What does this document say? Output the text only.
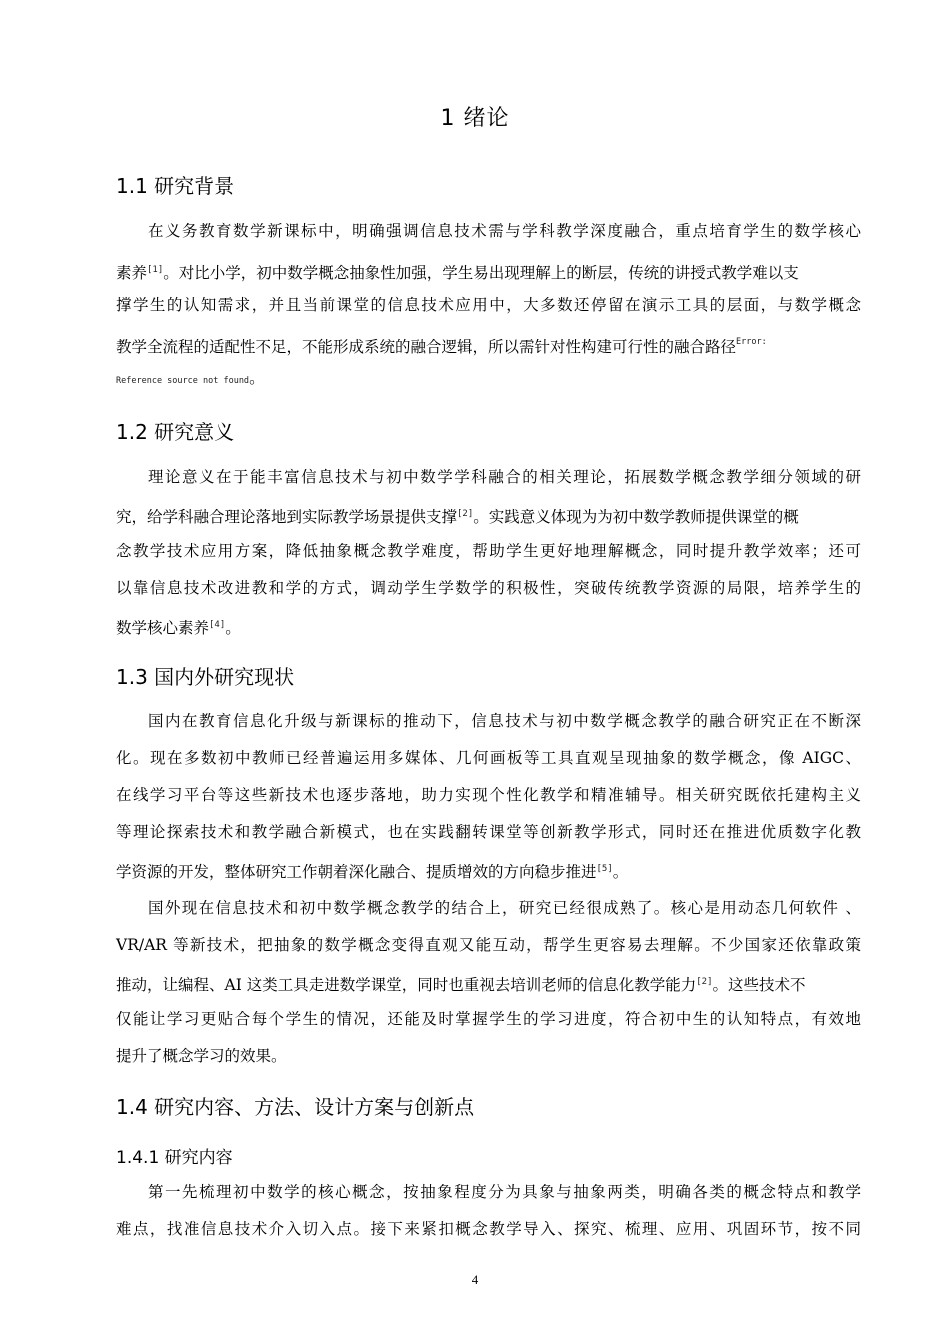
1 绪论
1.1 研究背景
在义务教育数学新课标中，明确强调信息技术需与学科教学深度融合，重点培育学生的数学核心
素养[1]。对比小学，初中数学概念抽象性加强，学生易出现理解上的断层，传统的讲授式教学难以支
撑学生的认知需求，并且当前课堂的信息技术应用中，大多数还停留在演示工具的层面，与数学概念
教学全流程的适配性不足，不能形成系统的融合逻辑，所以需针对性构建可行性的融合路径$^{Error:}$
Reference source not found。
1.2 研究意义
理论意义在于能丰富信息技术与初中数学学科融合的相关理论，拓展数学概念教学细分领域的研
究，给学科融合理论落地到实际教学场景提供支撑[2]。实践意义体现为为初中数学教师提供课堂的概
念教学技术应用方案，降低抽象概念教学难度，帮助学生更好地理解概念，同时提升教学效率；还可
以靠信息技术改进教和学的方式，调动学生学数学的积极性，突破传统教学资源的局限，培养学生的
数学核心素养[4]。
1.3 国内外研究现状
国内在教育信息化升级与新课标的推动下，信息技术与初中数学概念教学的融合研究正在不断深
化。现在多数初中教师已经普遍运用多媒体、几何画板等工具直观呈现抽象的数学概念，像 AIGC、
在线学习平台等这些新技术也逐步落地，助力实现个性化教学和精准辅导。相关研究既依托建构主义
等理论探索技术和教学融合新模式，也在实践翻转课堂等创新教学形式，同时还在推进优质数字化教
学资源的开发，整体研究工作朝着深化融合、提质增效的方向稳步推进[5]。
国外现在信息技术和初中数学概念教学的结合上，研究已经很成熟了。核心是用动态几何软件 、
VR/AR 等新技术，把抽象的数学概念变得直观又能互动，帮学生更容易去理解。不少国家还依靠政策
推动，让编程、AI 这类工具走进数学课堂，同时也重视去培训老师的信息化教学能力[2]。这些技术不
仅能让学习更贴合每个学生的情况，还能及时掌握学生的学习进度，符合初中生的认知特点，有效地
提升了概念学习的效果。
1.4 研究内容、方法、设计方案与创新点
1.4.1 研究内容
第一先梳理初中数学的核心概念，按抽象程度分为具象与抽象两类，明确各类的概念特点和教学
难点，找准信息技术介入切入点。接下来紧扣概念教学导入、探究、梳理、应用、巩固环节，按不同
4
